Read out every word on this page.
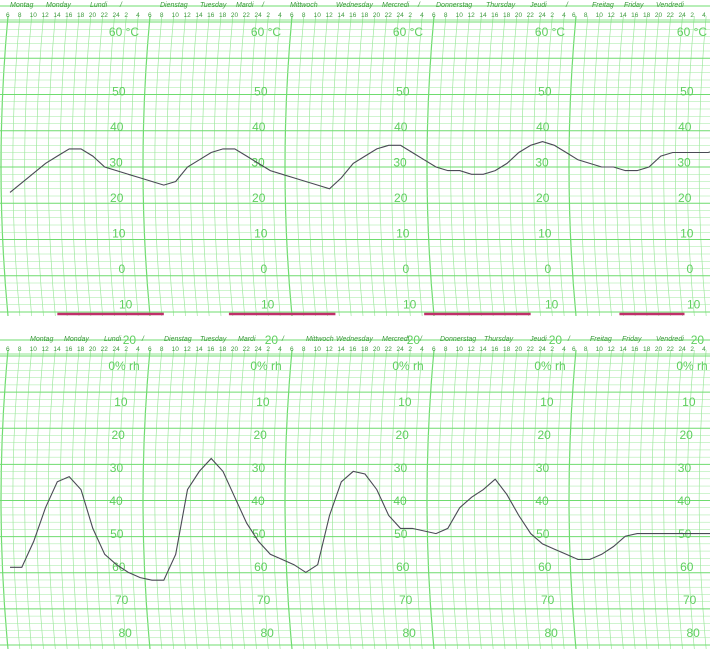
Montag Monday	Lundi /	Dienstag Tuesday Mardi /	Mittwoch	Wednesday Mercredi / Donnerstag Thursday Jeudi	/	Freitag Friday Vendredi
6 8 10 12 14 16 18 20 22 24 2 4 6 8 10 12 14 16 18 20 22 24 2 4 6 8 10 12 14 16 18 20 22 24 2 4 6 8 10 12 14 16 18 20 22 24 2 4 6 8 10 12 14 16 18 20 22 24 2 4
60 °C
50
40
30
20
10
0
10
20
60 °C
50
40
30
20
10
0
10
20
60 °C
50
40
30
20
10
0
10
20
60 °C
50
40
30
20
10
0
10
20
60 °C
50
40
30
20
10
0
10
20
Montag Monday Lundi	/	Dienstag Tuesday Mardi	/	Mittwoch Wednesday Mercredi /	Donnerstag Thursday Jeudi	/	Freitag Friday Vendredi
6 8 10 12 14 16 18 20 22 24 2 4 6 8 10 12 14 16 18 20 22 24 2 4 6 8 10 12 14 16 18 20 22 24 2 4 6 8 10 12 14 16 18 20 22 24 2 4 6 8 10 12 14 16 18 20 22 24 2 4
0% rh
10
20
30
40
50
60
70
80
0% rh
10
20
30
40
50
60
70
80
0% rh
10
20
30
40
50
60
70
80
0% rh
10
20
30
40
50
60
70
80
0% rh
10
20
30
40
50
60
70
80
